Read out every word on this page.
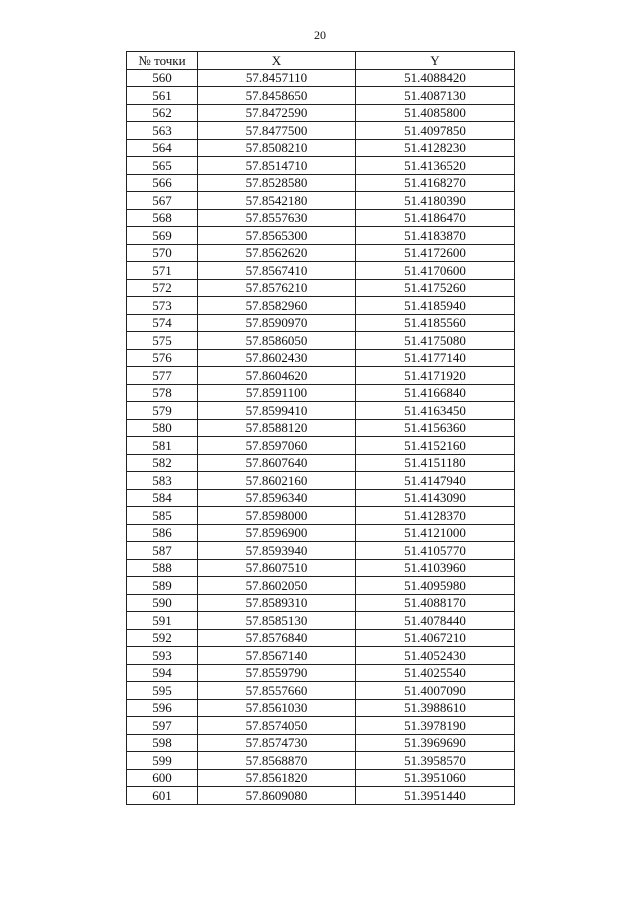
20
№ точки	X	Y
560	57.8457110	51.4088420
561	57.8458650	51.4087130
562	57.8472590	51.4085800
563	57.8477500	51.4097850
564	57.8508210	51.4128230
565	57.8514710	51.4136520
566	57.8528580	51.4168270
567	57.8542180	51.4180390
568	57.8557630	51.4186470
569	57.8565300	51.4183870
570	57.8562620	51.4172600
571	57.8567410	51.4170600
572	57.8576210	51.4175260
573	57.8582960	51.4185940
574	57.8590970	51.4185560
575	57.8586050	51.4175080
576	57.8602430	51.4177140
577	57.8604620	51.4171920
578	57.8591100	51.4166840
579	57.8599410	51.4163450
580	57.8588120	51.4156360
581	57.8597060	51.4152160
582	57.8607640	51.4151180
583	57.8602160	51.4147940
584	57.8596340	51.4143090
585	57.8598000	51.4128370
586	57.8596900	51.4121000
587	57.8593940	51.4105770
588	57.8607510	51.4103960
589	57.8602050	51.4095980
590	57.8589310	51.4088170
591	57.8585130	51.4078440
592	57.8576840	51.4067210
593	57.8567140	51.4052430
594	57.8559790	51.4025540
595	57.8557660	51.4007090
596	57.8561030	51.3988610
597	57.8574050	51.3978190
598	57.8574730	51.3969690
599	57.8568870	51.3958570
600	57.8561820	51.3951060
601	57.8609080	51.3951440
